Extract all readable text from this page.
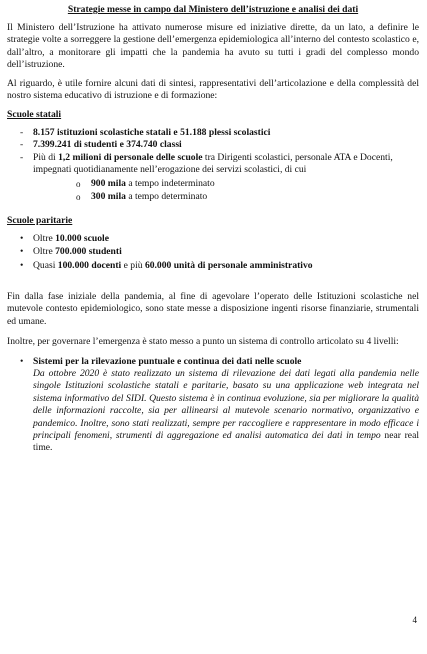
Strategie messe in campo dal Ministero dell’istruzione e analisi dei dati

Il Ministero dell’Istruzione ha attivato numerose misure ed iniziative dirette, da un lato, a definire le strategie volte a sorreggere la gestione dell’emergenza epidemiologica all’interno del contesto scolastico e, dall’altro, a monitorare gli impatti che la pandemia ha avuto su tutti i gradi del complesso mondo dell’istruzione.

Al riguardo, è utile fornire alcuni dati di sintesi, rappresentativi dell’articolazione e della complessità del nostro sistema educativo di istruzione e di formazione:

Scuole statali
- 8.157 istituzioni scolastiche statali e 51.188 plessi scolastici
- 7.399.241 di studenti e 374.740 classi
- Più di 1,2 milioni di personale delle scuole tra Dirigenti scolastici, personale ATA e Docenti, impegnati quotidianamente nell’erogazione dei servizi scolastici, di cui
o 900 mila a tempo indeterminato
o 300 mila a tempo determinato
Scuole paritarie
• Oltre 10.000 scuole
• Oltre 700.000 studenti
• Quasi 100.000 docenti e più 60.000 unità di personale amministrativo

Fin dalla fase iniziale della pandemia, al fine di agevolare l’operato delle Istituzioni scolastiche nel mutevole contesto epidemiologico, sono state messe a disposizione ingenti risorse finanziarie, strumentali ed umane.

Inoltre, per governare l’emergenza è stato messo a punto un sistema di controllo articolato su 4 livelli:

• Sistemi per la rilevazione puntuale e continua dei dati nelle scuole
Da ottobre 2020 è stato realizzato un sistema di rilevazione dei dati legati alla pandemia nelle singole Istituzioni scolastiche statali e paritarie, basato su una applicazione web integrata nel sistema informativo del SIDI. Questo sistema è in continua evoluzione, sia per migliorare la qualità delle informazioni raccolte, sia per allinearsi al mutevole scenario normativo, organizzativo e pandemico. Inoltre, sono stati realizzati, sempre per raccogliere e rappresentare in modo efficace i principali fenomeni, strumenti di aggregazione ed analisi automatica dei dati in tempo near real time.
4
